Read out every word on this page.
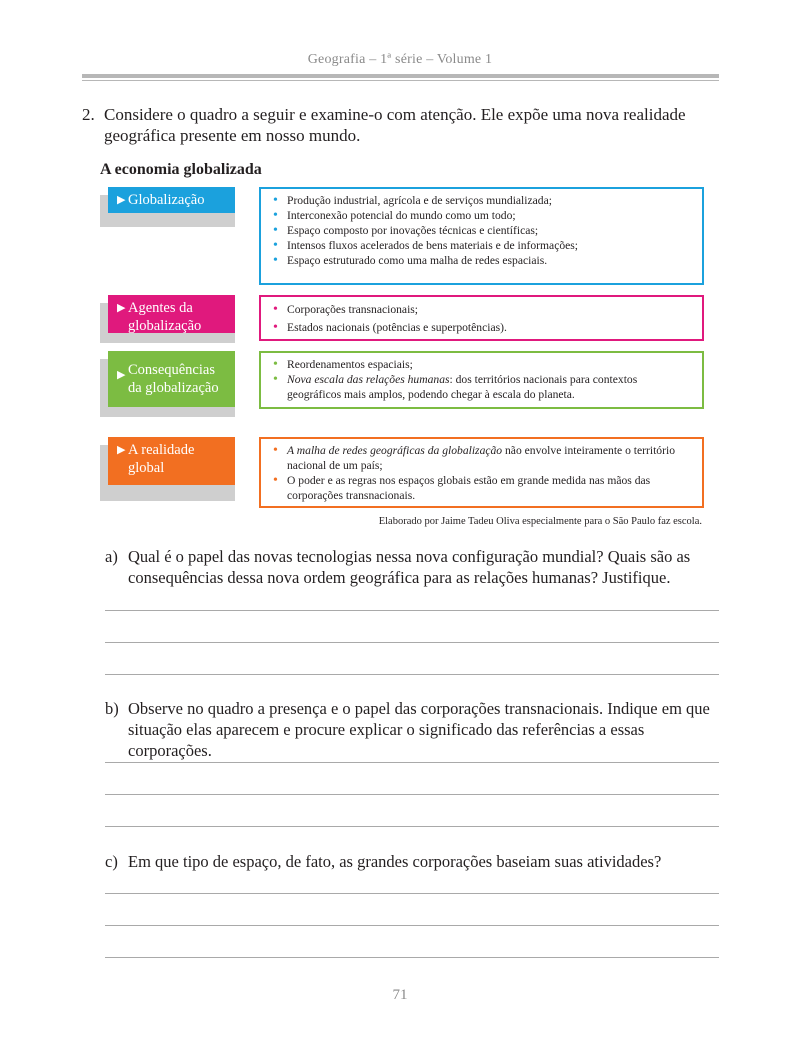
Geografia – 1ª série – Volume 1
2. Considere o quadro a seguir e examine-o com atenção. Ele expõe uma nova realidade geográfica presente em nosso mundo.
A economia globalizada
▶ Globalização	• Produção industrial, agrícola e de serviços mundializada;
• Interconexão potencial do mundo como um todo;
• Espaço composto por inovações técnicas e científicas;
• Intensos fluxos acelerados de bens materiais e de informações;
• Espaço estruturado como uma malha de redes espaciais.
▶ Agentes da globalização
• Corporações transnacionais;
• Estados nacionais (potências e superpotências).
▶ Consequências da globalização
• Reordenamentos espaciais;
• Nova escala das relações humanas: dos territórios nacionais para contextos geográficos mais amplos, podendo chegar à escala do planeta.
▶ A realidade global
• A malha de redes geográficas da globalização não envolve inteiramente o território nacional de um país;
• O poder e as regras nos espaços globais estão em grande medida nas mãos das corporações transnacionais.
Elaborado por Jaime Tadeu Oliva especialmente para o São Paulo faz escola.
a) Qual é o papel das novas tecnologias nessa nova configuração mundial? Quais são as consequências dessa nova ordem geográfica para as relações humanas? Justifique.
b) Observe no quadro a presença e o papel das corporações transnacionais. Indique em que situação elas aparecem e procure explicar o significado das referências a essas corporações.
c) Em que tipo de espaço, de fato, as grandes corporações baseiam suas atividades?
71
